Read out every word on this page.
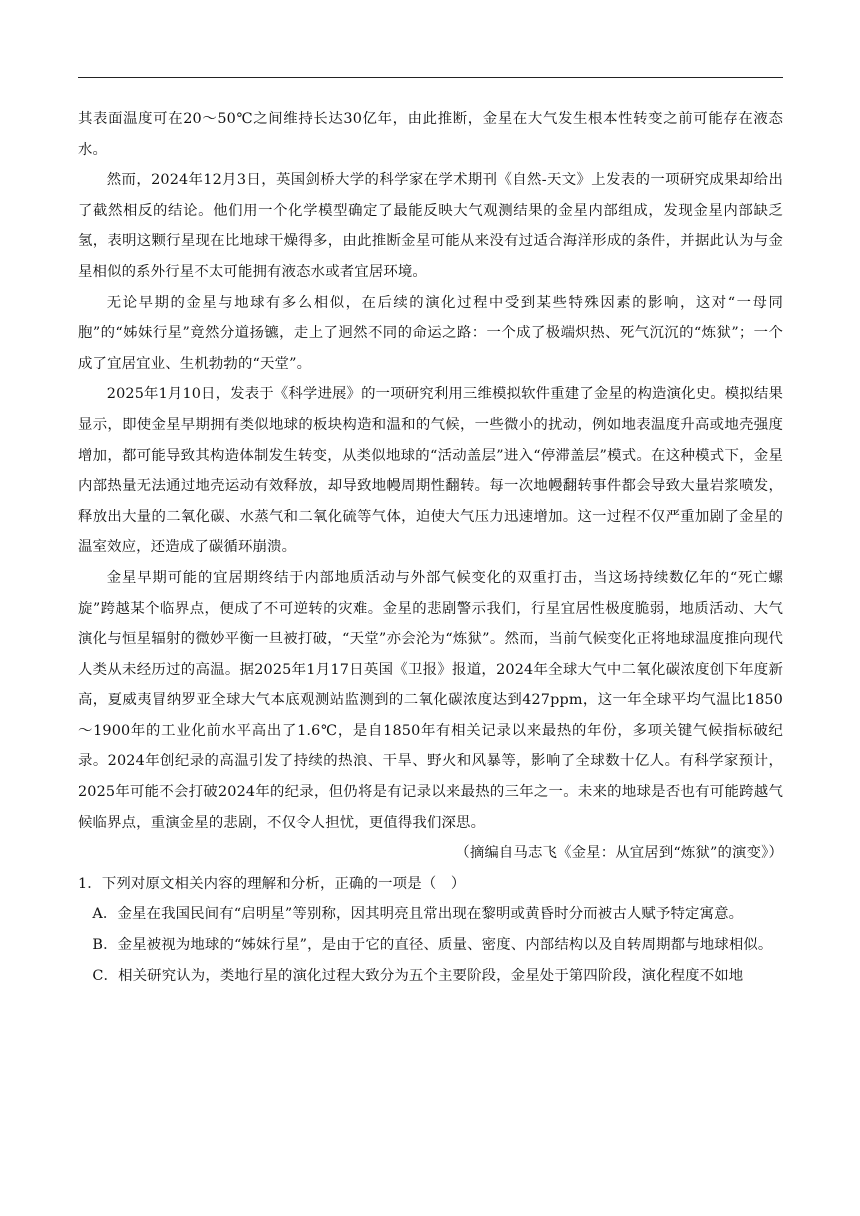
其表面温度可在20～50℃之间维持长达30亿年，由此推断，金星在大气发生根本性转变之前可能存在液态水。

然而，2024年12月3日，英国剑桥大学的科学家在学术期刊《自然-天文》上发表的一项研究成果却给出了截然相反的结论。他们用一个化学模型确定了最能反映大气观测结果的金星内部组成，发现金星内部缺乏氢，表明这颗行星现在比地球干燥得多，由此推断金星可能从来没有过适合海洋形成的条件，并据此认为与金星相似的系外行星不太可能拥有液态水或者宜居环境。

无论早期的金星与地球有多么相似，在后续的演化过程中受到某些特殊因素的影响，这对“一母同胞”的“姊妹行星”竟然分道扬镳，走上了迥然不同的命运之路：一个成了极端炽热、死气沉沉的“炼狱”；一个成了宜居宜业、生机勃勃的“天堂”。

2025年1月10日，发表于《科学进展》的一项研究利用三维模拟软件重建了金星的构造演化史。模拟结果显示，即使金星早期拥有类似地球的板块构造和温和的气候，一些微小的扰动，例如地表温度升高或地壳强度增加，都可能导致其构造体制发生转变，从类似地球的“活动盖层”进入“停滞盖层”模式。在这种模式下，金星内部热量无法通过地壳运动有效释放，却导致地幔周期性翻转。每一次地幔翻转事件都会导致大量岩浆喷发，释放出大量的二氧化碳、水蒸气和二氧化硫等气体，迫使大气压力迅速增加。这一过程不仅严重加剧了金星的温室效应，还造成了碳循环崩溃。

金星早期可能的宜居期终结于内部地质活动与外部气候变化的双重打击，当这场持续数亿年的“死亡螺旋”跨越某个临界点，便成了不可逆转的灾难。金星的悲剧警示我们，行星宜居性极度脆弱，地质活动、大气演化与恒星辐射的微妙平衡一旦被打破，“天堂”亦会沦为“炼狱”。然而，当前气候变化正将地球温度推向现代人类从未经历过的高温。据2025年1月17日英国《卫报》报道，2024年全球大气中二氧化碳浓度创下年度新高，夏威夷冒纳罗亚全球大气本底观测站监测到的二氧化碳浓度达到427ppm，这一年全球平均气温比1850～1900年的工业化前水平高出了1.6℃，是自1850年有相关记录以来最热的年份，多项关键气候指标破纪录。2024年创纪录的高温引发了持续的热浪、干旱、野火和风暴等，影响了全球数十亿人。有科学家预计，2025年可能不会打破2024年的纪录，但仍将是有记录以来最热的三年之一。未来的地球是否也有可能跨越气候临界点，重演金星的悲剧，不仅令人担忧，更值得我们深思。

（摘编自马志飞《金星：从宜居到“炼狱”的演变》）

1．下列对原文相关内容的理解和分析，正确的一项是（　）

A．金星在我国民间有“启明星”等别称，因其明亮且常出现在黎明或黄昏时分而被古人赋予特定寓意。

B．金星被视为地球的“姊妹行星”，是由于它的直径、质量、密度、内部结构以及自转周期都与地球相似。

C．相关研究认为，类地行星的演化过程大致分为五个主要阶段，金星处于第四阶段，演化程度不如地
